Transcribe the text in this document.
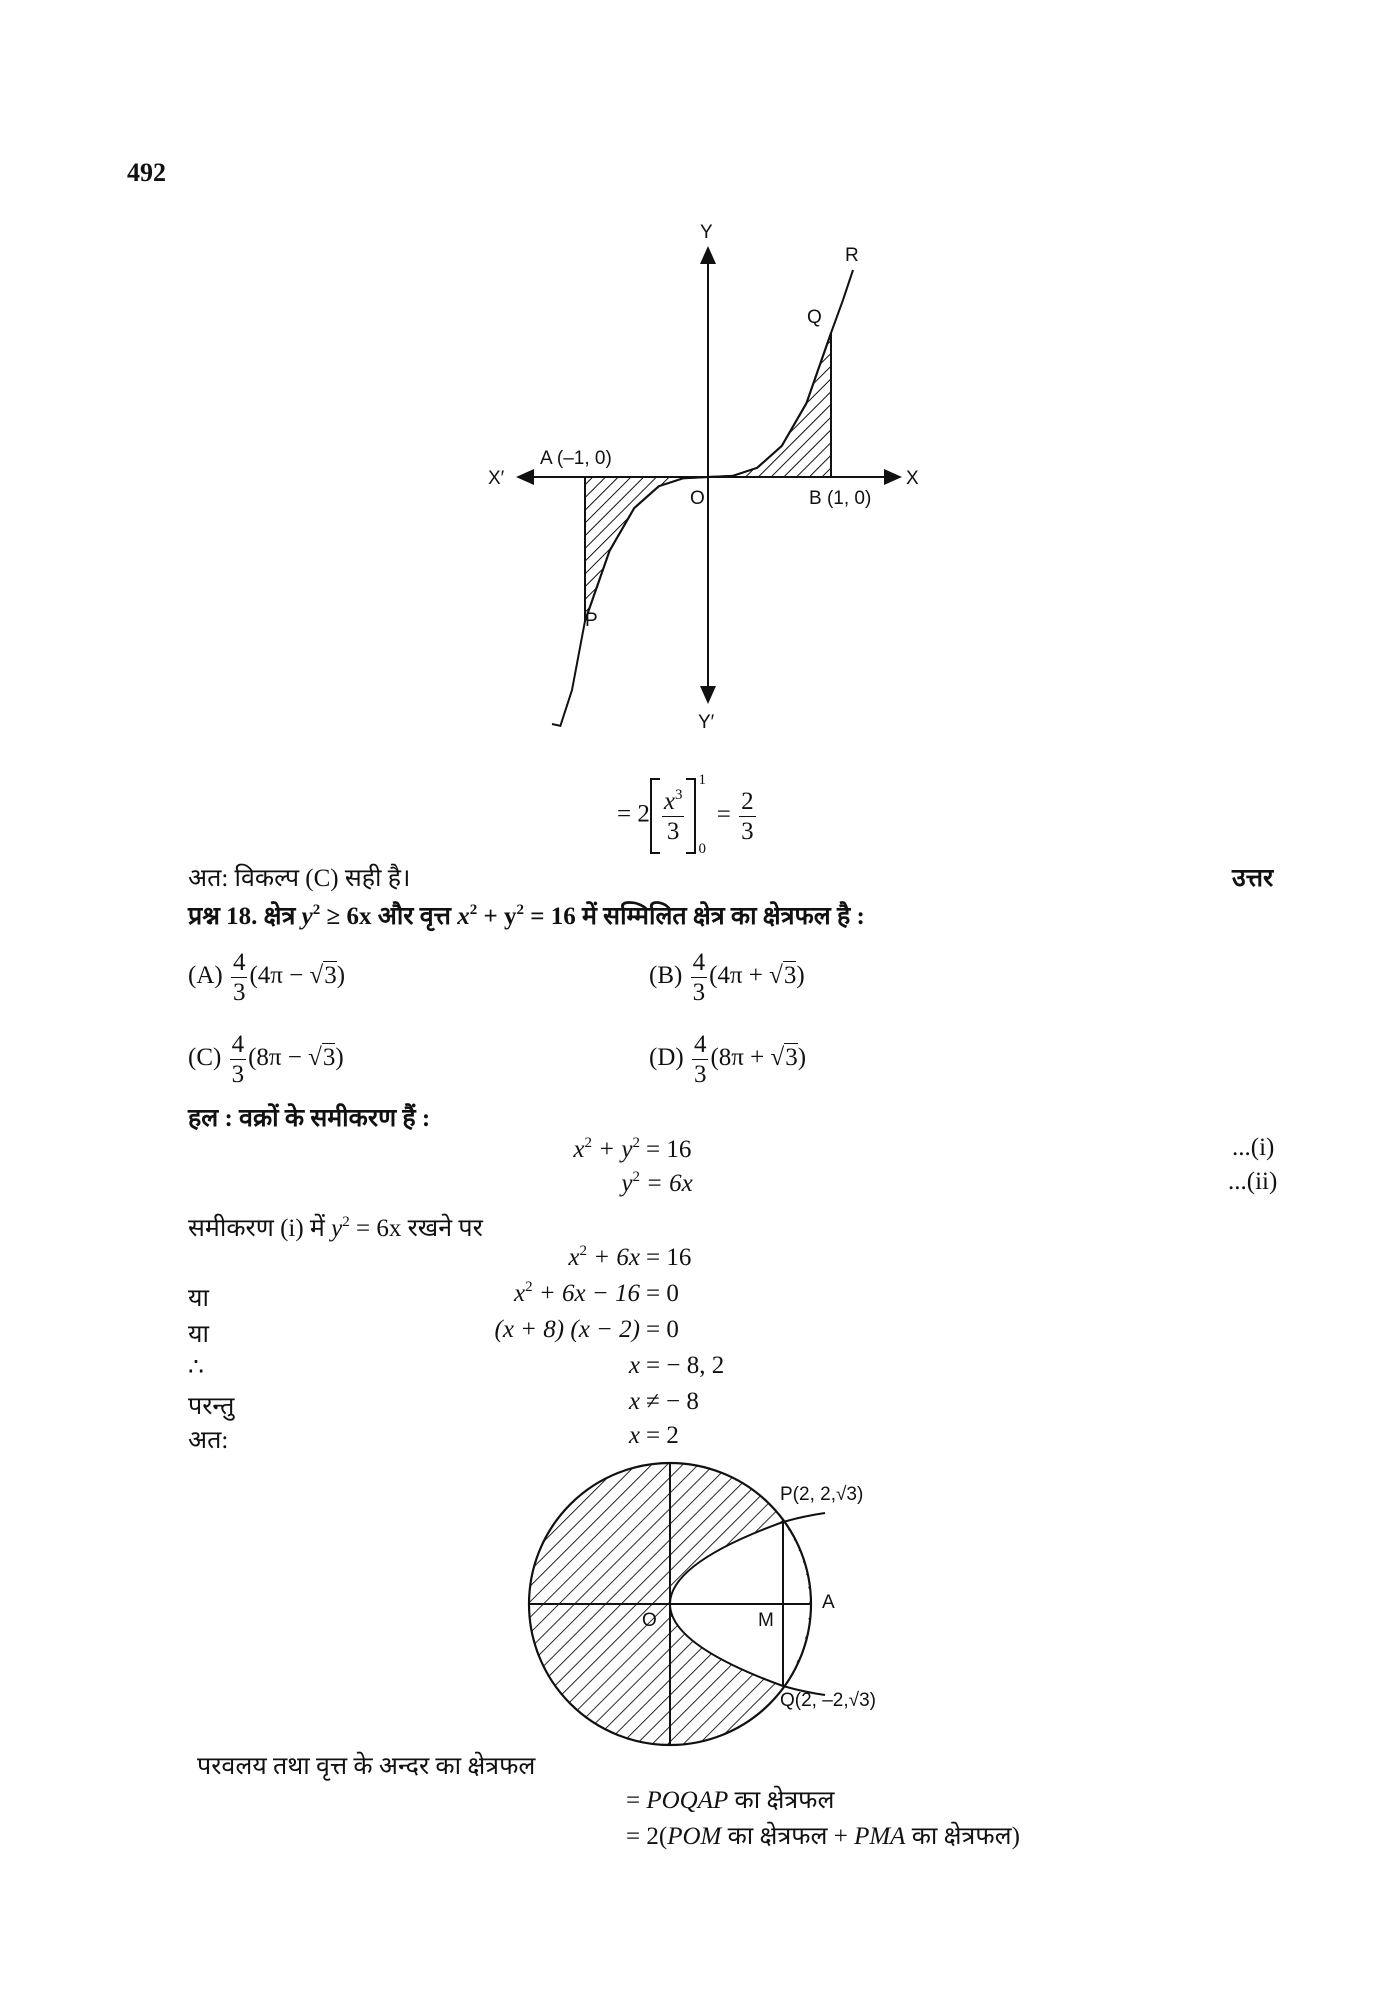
492
Y
R
Q
A (–1, 0)
X′	X
O	B (1, 0)
P
Y′
= $2 \frac{x^3}{3}$
1
0
= $\frac{2}{3}$
अत: विकल्प (C) सही है।	उत्तर
प्रश्न 18. क्षेत्र $y^2 \ge 6x$ और वृत्त $x^2 + y^2 = 16$ में सम्मिलित क्षेत्र का क्षेत्रफल है :
$(A) \frac{4}{3} (4\pi - √3)$	$(B) \frac{4}{3} (4\pi + √3)$
$(C) \frac{4}{3} (8\pi - √3)$	$(D) \frac{4}{3} (8\pi + √3)$
हल : वक्रों के समीकरण हैं :
$x^2 + y^2 = 16$	...(i)
$y^2 = 6x$	...(ii)
समीकरण (i) में $y^2 = 6x$ रखने पर
$x^2 + 6x = 16$
या	$x^2 + 6x - 16 = 0$
या	(x + 8) (x − 2) = 0
∴	x = − 8, 2
परन्तु	x ≠ − 8
अत:	x = 2
P(2, 2,√3)
A
M
O
Q(2, –2,√3)
परवलय तथा वृत्त के अन्दर का क्षेत्रफल
= POQAP का क्षेत्रफल
= 2(POM का क्षेत्रफल + PMA का क्षेत्रफल)
